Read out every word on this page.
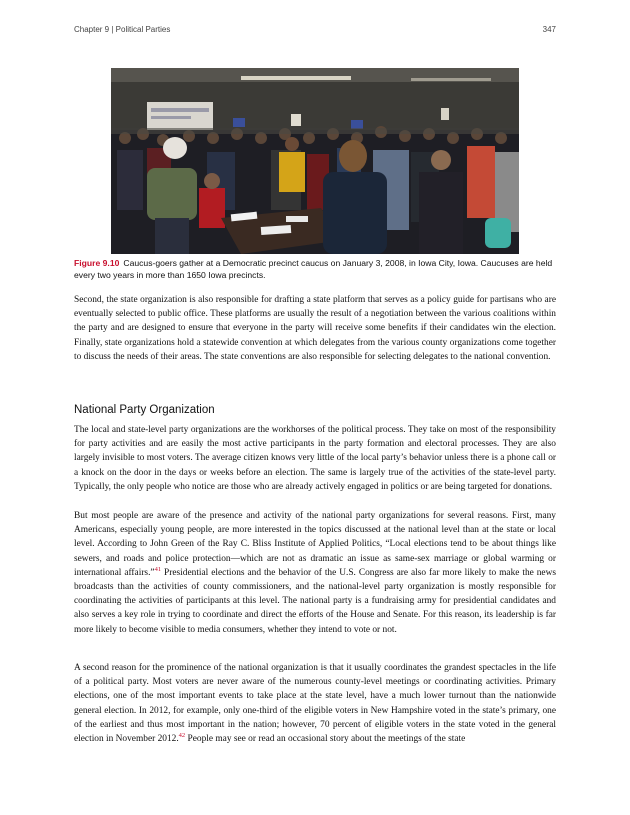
Chapter 9 | Political Parties	347
Figure 9.10 Caucus-goers gather at a Democratic precinct caucus on January 3, 2008, in Iowa City, Iowa. Caucuses are held every two years in more than 1650 Iowa precincts.

Second, the state organization is also responsible for drafting a state platform that serves as a policy guide for partisans who are eventually selected to public office. These platforms are usually the result of a negotiation between the various coalitions within the party and are designed to ensure that everyone in the party will receive some benefits if their candidates win the election. Finally, state organizations hold a statewide convention at which delegates from the various county organizations come together to discuss the needs of their areas. The state conventions are also responsible for selecting delegates to the national convention.

National Party Organization

The local and state-level party organizations are the workhorses of the political process. They take on most of the responsibility for party activities and are easily the most active participants in the party formation and electoral processes. They are also largely invisible to most voters. The average citizen knows very little of the local party’s behavior unless there is a phone call or a knock on the door in the days or weeks before an election. The same is largely true of the activities of the state-level party. Typically, the only people who notice are those who are already actively engaged in politics or are being targeted for donations.

But most people are aware of the presence and activity of the national party organizations for several reasons. First, many Americans, especially young people, are more interested in the topics discussed at the national level than at the state or local level. According to John Green of the Ray C. Bliss Institute of Applied Politics, “Local elections tend to be about things like sewers, and roads and police protection—which are not as dramatic an issue as same-sex marriage or global warming or international affairs.”$^{41}$ Presidential elections and the behavior of the U.S. Congress are also far more likely to make the news broadcasts than the activities of county commissioners, and the national-level party organization is mostly responsible for coordinating the activities of participants at this level. The national party is a fundraising army for presidential candidates and also serves a key role in trying to coordinate and direct the efforts of the House and Senate. For this reason, its leadership is far more likely to become visible to media consumers, whether they intend to vote or not.

A second reason for the prominence of the national organization is that it usually coordinates the grandest spectacles in the life of a political party. Most voters are never aware of the numerous county-level meetings or coordinating activities. Primary elections, one of the most important events to take place at the state level, have a much lower turnout than the nationwide general election. In 2012, for example, only one-third of the eligible voters in New Hampshire voted in the state’s primary, one of the earliest and thus most important in the nation; however, 70 percent of eligible voters in the state voted in the general election in November 2012.42 People may see or read an occasional story about the meetings of the state
